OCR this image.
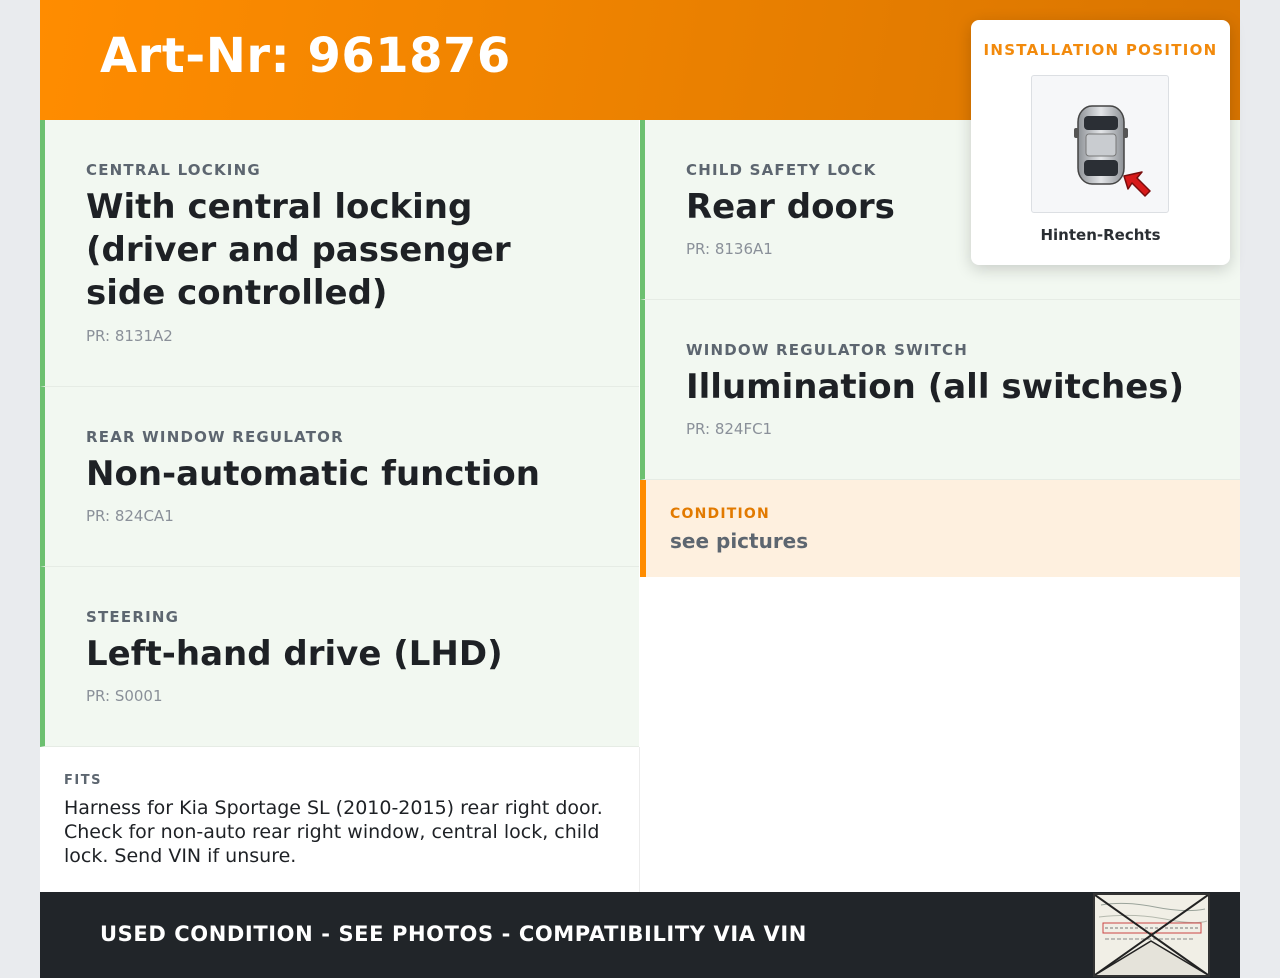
Art-Nr: 961876
CENTRAL LOCKING
With central locking (driver and passenger side controlled)
PR: 8131A2
REAR WINDOW REGULATOR
Non-automatic function
PR: 824CA1
STEERING
Left-hand drive (LHD)
PR: S0001
CHILD SAFETY LOCK
Rear doors
PR: 8136A1
WINDOW REGULATOR SWITCH
Illumination (all switches)
PR: 824FC1
FITS
Harness for Kia Sportage SL (2010-2015) rear right door. Check for non-auto rear right window, central lock, child lock. Send VIN if unsure.
CONDITION
see pictures
USED CONDITION - SEE PHOTOS - COMPATIBILITY VIA VIN
INSTALLATION POSITION
Hinten-Rechts
